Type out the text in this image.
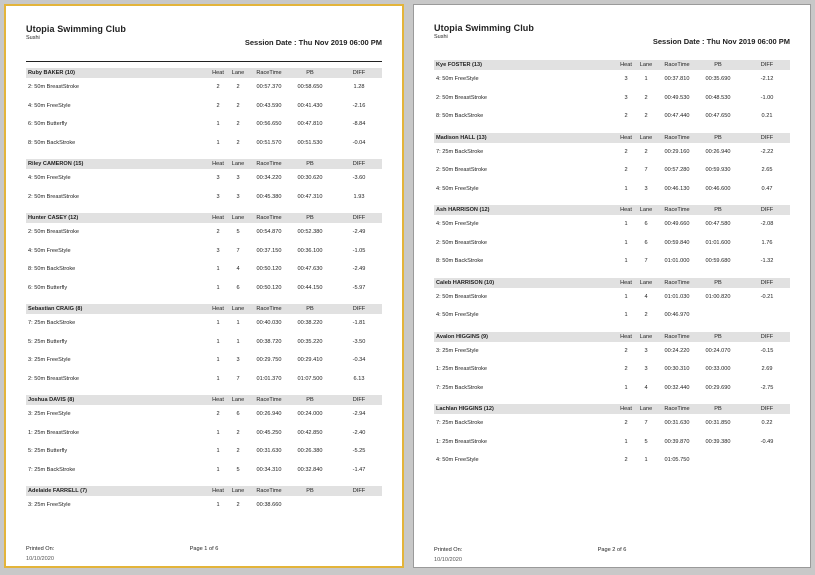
Utopia Swimming Club
Sushi	Session Date : Thu Nov 2019 06:00 PM
Ruby BAKER (10)	Heat	Lane	RaceTime	PB	DIFF
2: 50m BreastStroke	2	2	00:57.370	00:58.650	1.28
4: 50m FreeStyle	2	2	00:43.590	00:41.430	-2.16
6: 50m Butterfly	1	2	00:56.650	00:47.810	-8.84
8: 50m BackStroke	1	2	00:51.570	00:51.530	-0.04
Riley CAMERON (15)	Heat	Lane	RaceTime	PB	DIFF
4: 50m FreeStyle	3	3	00:34.220	00:30.620	-3.60
2: 50m BreastStroke	3	3	00:45.380	00:47.310	1.93
Hunter CASEY (12)	Heat	Lane	RaceTime	PB	DIFF
2: 50m BreastStroke	2	5	00:54.870	00:52.380	-2.49
4: 50m FreeStyle	3	7	00:37.150	00:36.100	-1.05
8: 50m BackStroke	1	4	00:50.120	00:47.630	-2.49
6: 50m Butterfly	1	6	00:50.120	00:44.150	-5.97
Sebastian CRAIG (8)	Heat	Lane	RaceTime	PB	DIFF
7: 25m BackStroke	1	1	00:40.030	00:38.220	-1.81
5: 25m Butterfly	1	1	00:38.720	00:35.220	-3.50
3: 25m FreeStyle	1	3	00:29.750	00:29.410	-0.34
2: 50m BreastStroke	1	7	01:01.370	01:07.500	6.13
Joshua DAVIS (8)	Heat	Lane	RaceTime	PB	DIFF
3: 25m FreeStyle	2	6	00:26.940	00:24.000	-2.94
1: 25m BreastStroke	1	2	00:45.250	00:42.850	-2.40
5: 25m Butterfly	1	2	00:31.630	00:26.380	-5.25
7: 25m BackStroke	1	5	00:34.310	00:32.840	-1.47
Adelaide FARRELL (7)	Heat	Lane	RaceTime	PB	DIFF
3: 25m FreeStyle	1	2	00:38.660
Printed On:	Page 1 of 6
10/10/2020
Utopia Swimming Club
Sushi	Session Date : Thu Nov 2019 06:00 PM
Kye FOSTER (13)	Heat	Lane	RaceTime	PB	DIFF
4: 50m FreeStyle	3	1	00:37.810	00:35.690	-2.12
2: 50m BreastStroke	3	2	00:49.530	00:48.530	-1.00
8: 50m BackStroke	2	2	00:47.440	00:47.650	0.21
Madison HALL (13)	Heat	Lane	RaceTime	PB	DIFF
7: 25m BackStroke	2	2	00:29.160	00:26.940	-2.22
2: 50m BreastStroke	2	7	00:57.280	00:59.930	2.65
4: 50m FreeStyle	1	3	00:46.130	00:46.600	0.47
Ash HARRISON (12)	Heat	Lane	RaceTime	PB	DIFF
4: 50m FreeStyle	1	6	00:49.660	00:47.580	-2.08
2: 50m BreastStroke	1	6	00:59.840	01:01.600	1.76
8: 50m BackStroke	1	7	01:01.000	00:59.680	-1.32
Caleb HARRISON (10)	Heat	Lane	RaceTime	PB	DIFF
2: 50m BreastStroke	1	4	01:01.030	01:00.820	-0.21
4: 50m FreeStyle	1	2	00:46.970
Avalon HIGGINS (9)	Heat	Lane	RaceTime	PB	DIFF
3: 25m FreeStyle	2	3	00:24.220	00:24.070	-0.15
1: 25m BreastStroke	2	3	00:30.310	00:33.000	2.69
7: 25m BackStroke	1	4	00:32.440	00:29.690	-2.75
Lachlan HIGGINS (12)	Heat	Lane	RaceTime	PB	DIFF
7: 25m BackStroke	2	7	00:31.630	00:31.850	0.22
1: 25m BreastStroke	1	5	00:39.870	00:39.380	-0.49
4: 50m FreeStyle	2	1	01:05.750
Printed On:	Page 2 of 6
10/10/2020
